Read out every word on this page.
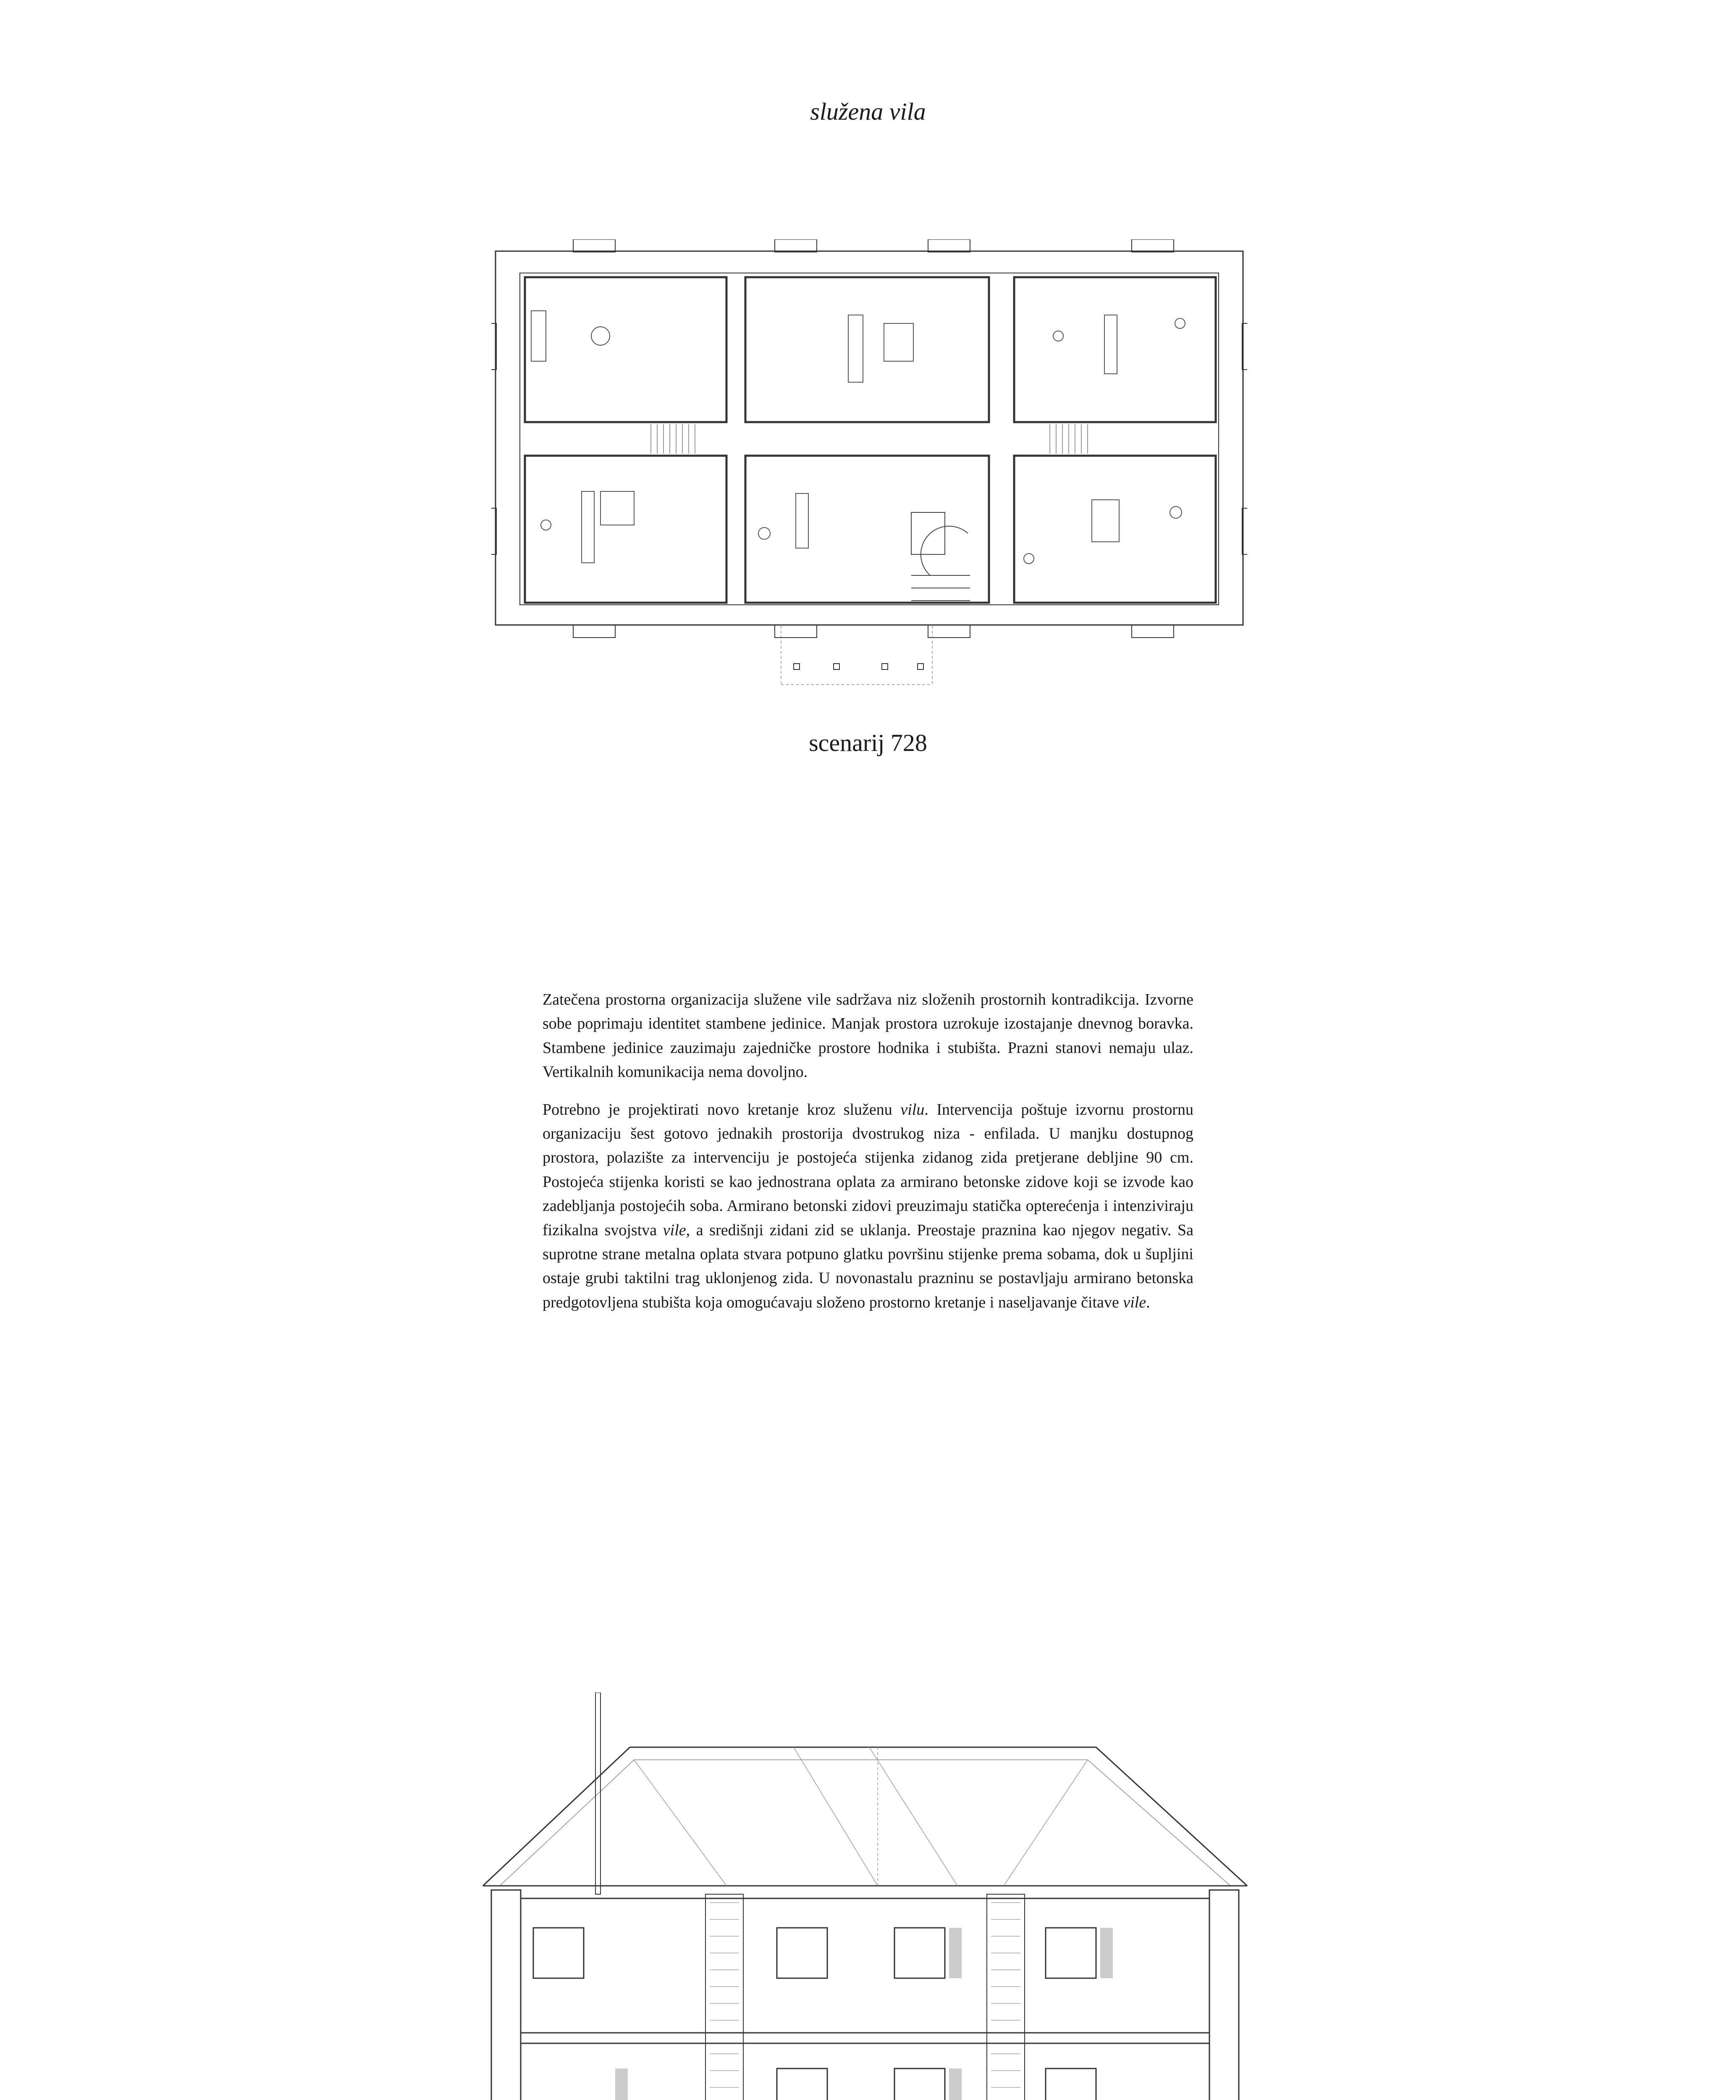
služena vila
scenarij 728

Zatečena prostorna organizacija služene vile sadržava niz složenih prostornih kontradikcija. Izvorne sobe poprimaju identitet stambene jedinice. Manjak prostora uzrokuje izostajanje dnevnog boravka. Stambene jedinice zauzimaju zajedničke prostore hodnika i stubišta. Prazni stanovi nemaju ulaz. Vertikalnih komunikacija nema dovoljno.

Potrebno je projektirati novo kretanje kroz služenu vilu. Intervencija poštuje izvornu prostornu organizaciju šest gotovo jednakih prostorija dvostrukog niza - enfilada. U manjku dostupnog prostora, polazište za intervenciju je postojeća stijenka zidanog zida pretjerane debljine 90 cm. Postojeća stijenka koristi se kao jednostrana oplata za armirano betonske zidove koji se izvode kao zadebljanja postojećih soba. Armirano betonski zidovi preuzimaju statička opterećenja i intenziviraju fizikalna svojstva vile, a središnji zidani zid se uklanja. Preostaje praznina kao njegov negativ. Sa suprotne strane metalna oplata stvara potpuno glatku površinu stijenke prema sobama, dok u šupljini ostaje grubi taktilni trag uklonjenog zida. U novonastalu prazninu se postavljaju armirano betonska predgotovljena stubišta koja omogućavaju složeno prostorno kretanje i naseljavanje čitave vile.
